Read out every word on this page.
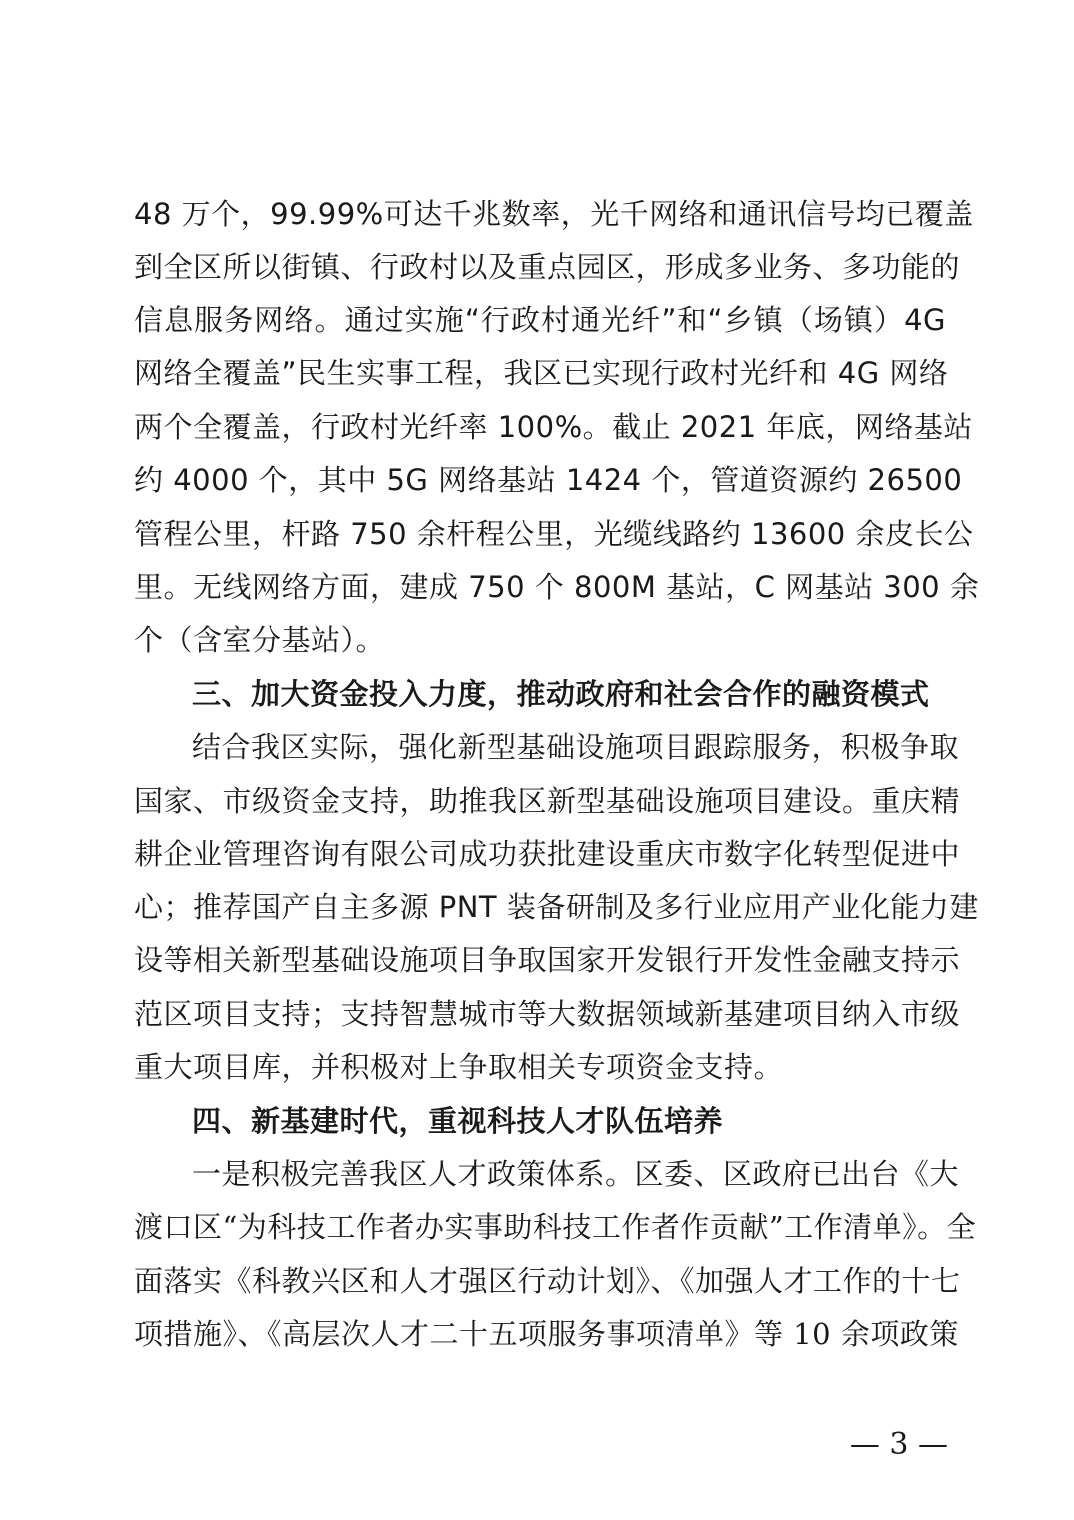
48 万个，99.99%可达千兆数率，光千网络和通讯信号均已覆盖
到全区所以街镇、行政村以及重点园区，形成多业务、多功能的
信息服务网络。通过实施“行政村通光纤”和“乡镇（场镇）4G
网络全覆盖”民生实事工程，我区已实现行政村光纤和 4G 网络
两个全覆盖，行政村光纤率 100%。截止 2021 年底，网络基站
约 4000 个，其中 5G 网络基站 1424 个，管道资源约 26500
管程公里，杆路 750 余杆程公里，光缆线路约 13600 余皮长公
里。无线网络方面，建成 750 个 800M 基站，C 网基站 300 余
个（含室分基站）。
三、加大资金投入力度，推动政府和社会合作的融资模式
结合我区实际，强化新型基础设施项目跟踪服务，积极争取
国家、市级资金支持，助推我区新型基础设施项目建设。重庆精
耕企业管理咨询有限公司成功获批建设重庆市数字化转型促进中
心；推荐国产自主多源 PNT 装备研制及多行业应用产业化能力建
设等相关新型基础设施项目争取国家开发银行开发性金融支持示
范区项目支持；支持智慧城市等大数据领域新基建项目纳入市级
重大项目库，并积极对上争取相关专项资金支持。
四、新基建时代，重视科技人才队伍培养
一是积极完善我区人才政策体系。区委、区政府已出台《大
渡口区“为科技工作者办实事助科技工作者作贡献”工作清单》。全
面落实《科教兴区和人才强区行动计划》、《加强人才工作的十七
项措施》、《高层次人才二十五项服务事项清单》等 10 余项政策
— 3 —
